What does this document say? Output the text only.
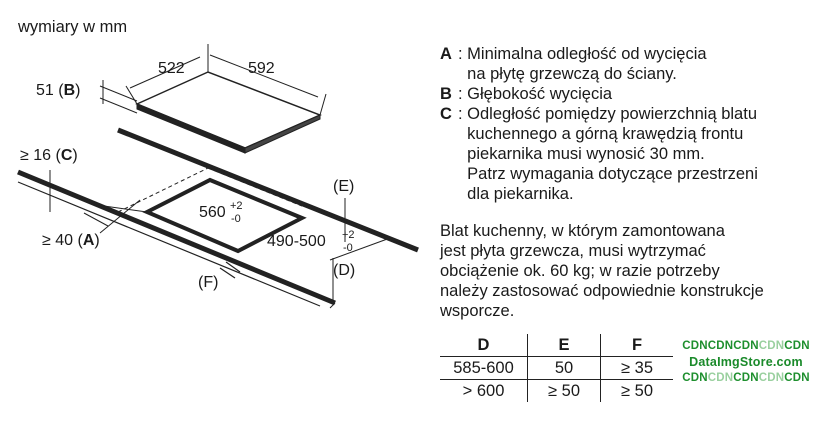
wymiary w mm
522	592
51 (B)
560 +2
-0
490-500 +2
-0
≥ 40 (A)
≥ 16 (C)
(E)
(D)
(F)
A : Minimalna odległość od wycięcia
na płytę grzewczą do ściany.
B : Głębokość wycięcia
C : Odległość pomiędzy powierzchnią blatu
kuchennego a górną krawędzią frontu
piekarnika musi wynosić 30 mm.
Patrz wymagania dotyczące przestrzeni
dla piekarnika.
Blat kuchenny, w którym zamontowana
jest płyta grzewcza, musi wytrzymać
obciążenie ok. 60 kg; w razie potrzeby
należy zastosować odpowiednie konstrukcje
wsporcze.
D	E	F
585-600	50	≥ 35
> 600	≥ 50	≥ 50
CDNCDNCDNCDNCDN
DataImgStore.com
CDNCDNCDNCDNCDN
